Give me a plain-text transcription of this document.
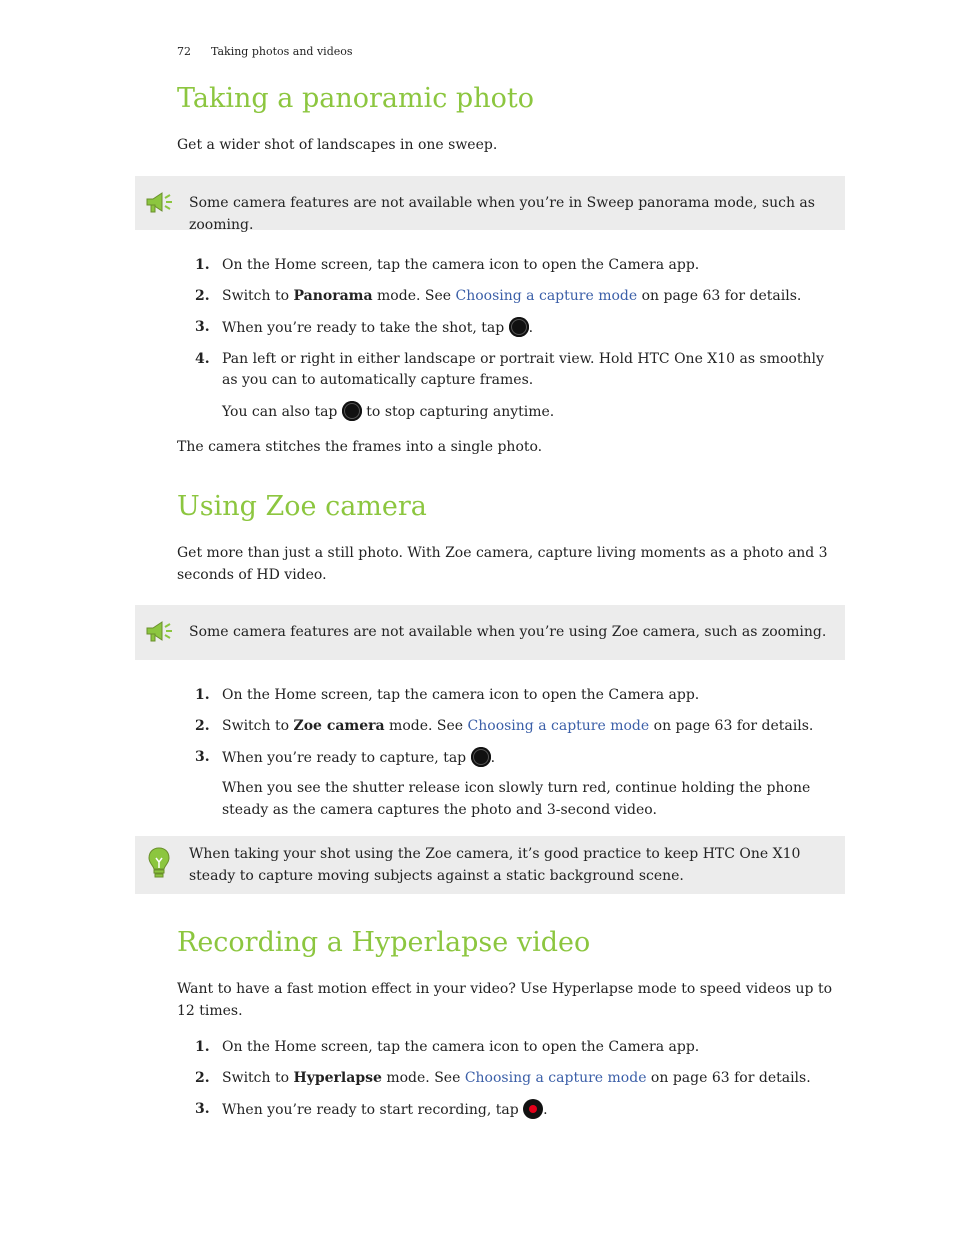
72 Taking photos and videos
Taking a panoramic photo

Get a wider shot of landscapes in one sweep.

Some camera features are not available when you’re in Sweep panorama mode, such as zooming.
1. On the Home screen, tap the camera icon to open the Camera app.
2. Switch to Panorama mode. See Choosing a capture mode on page 63 for details.
3. When you’re ready to take the shot, tap .
4. Pan left or right in either landscape or portrait view. Hold HTC One X10 as smoothly as you can to automatically capture frames.
You can also tap  to stop capturing anytime.

The camera stitches the frames into a single photo.

Using Zoe camera

Get more than just a still photo. With Zoe camera, capture living moments as a photo and 3 seconds of HD video.

Some camera features are not available when you’re using Zoe camera, such as zooming.
1. On the Home screen, tap the camera icon to open the Camera app.
2. Switch to Zoe camera mode. See Choosing a capture mode on page 63 for details.
3. When you’re ready to capture, tap .
When you see the shutter release icon slowly turn red, continue holding the phone steady as the camera captures the photo and 3-second video.
When taking your shot using the Zoe camera, it’s good practice to keep HTC One X10 steady to capture moving subjects against a static background scene.
Recording a Hyperlapse video

Want to have a fast motion effect in your video? Use Hyperlapse mode to speed videos up to 12 times.

1. On the Home screen, tap the camera icon to open the Camera app.
2. Switch to Hyperlapse mode. See Choosing a capture mode on page 63 for details.
3. When you’re ready to start recording, tap .
